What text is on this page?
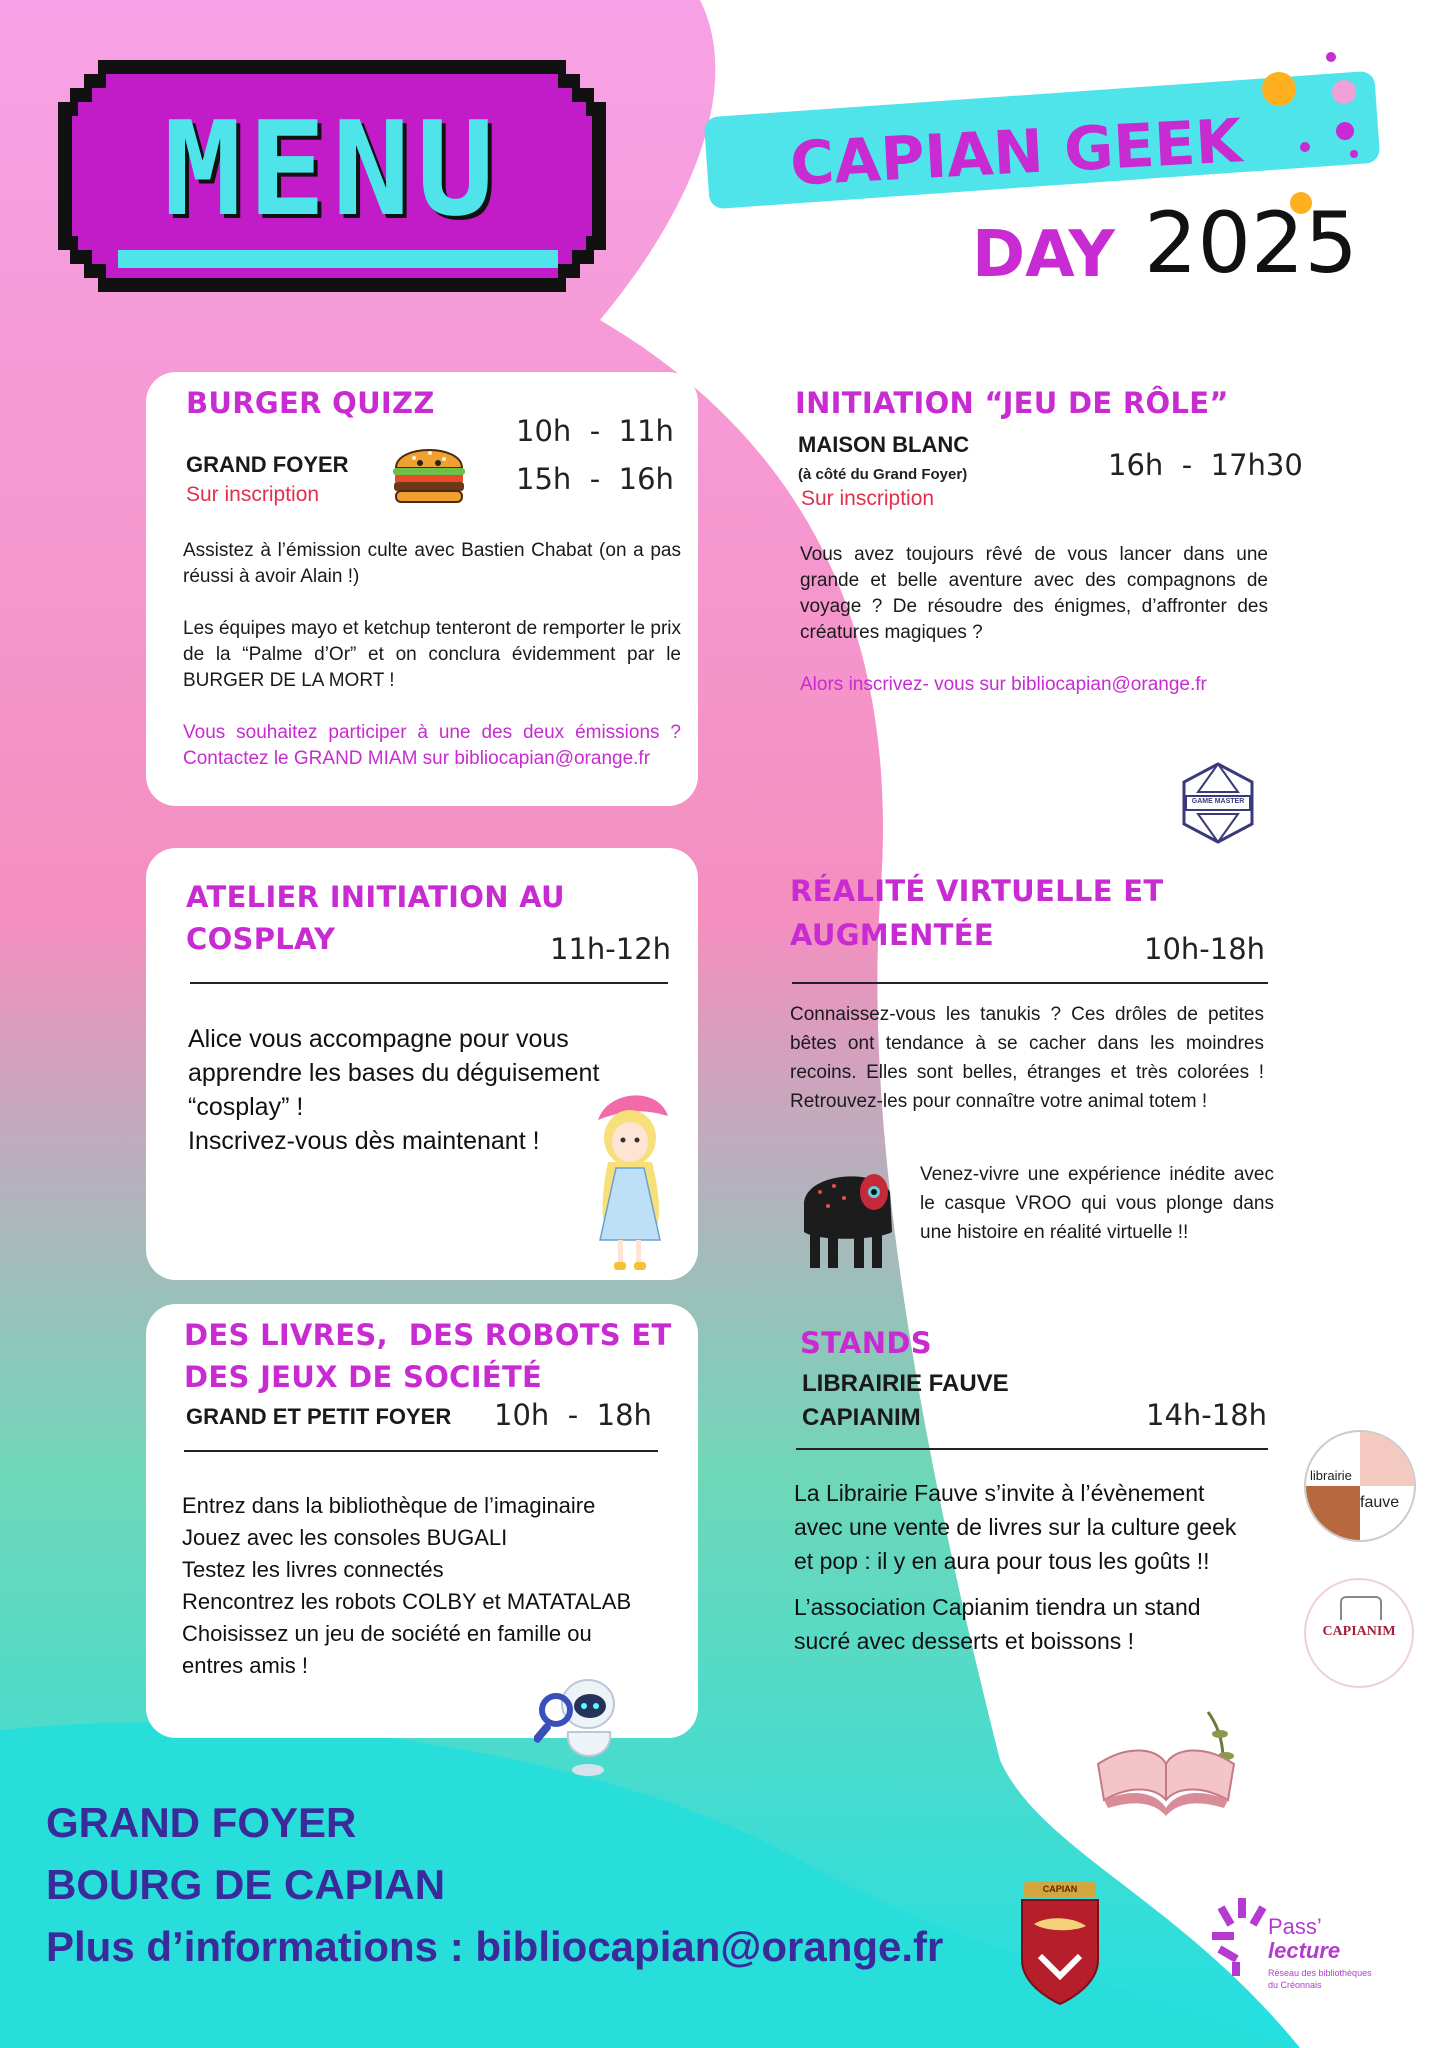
MENU	CAPIAN GEEK
DAY 2025
BURGER QUIZZ
GRAND FOYER
Sur inscription
10h  -  11h
15h  -  16h

Assistez à l’émission culte avec Bastien Chabat (on a pas réussi à avoir Alain !)

Les équipes mayo et ketchup tenteront de remporter le prix de la “Palme d’Or” et on conclura évidemment par le BURGER DE LA MORT !

Vous souhaitez participer à une des deux émissions ? Contactez le GRAND MIAM sur bibliocapian@orange.fr

INITIATION “JEU DE RÔLE”
MAISON BLANC
(à côté du Grand Foyer)
Sur inscription
16h  -  17h30

Vous avez toujours rêvé de vous lancer dans une grande et belle aventure avec des compagnons de voyage ? De résoudre des énigmes, d’affronter des créatures magiques ?

Alors inscrivez- vous sur bibliocapian@orange.fr

GAME MASTER
ATELIER INITIATION AU
COSPLAY	11h-12h
Alice vous accompagne pour vous
apprendre les bases du déguisement
“cosplay” !
Inscrivez-vous dès maintenant !
RÉALITÉ VIRTUELLE ET
AUGMENTÉE	10h-18h
Connaissez-vous les tanukis ? Ces drôles de petites bêtes ont tendance à se cacher dans les moindres recoins. Elles sont belles, étranges et très colorées ! Retrouvez-les pour connaître votre animal totem !
Venez-vivre une expérience inédite avec le casque VROO qui vous plonge dans une histoire en réalité virtuelle !!
DES LIVRES,  DES ROBOTS ET
DES JEUX DE SOCIÉTÉ
GRAND ET PETIT FOYER 10h  -  18h
Entrez dans la bibliothèque de l’imaginaire
Jouez avec les consoles BUGALI
Testez les livres connectés
Rencontrez les robots COLBY et MATATALAB
Choisissez un jeu de société en famille ou
entres amis !
STANDS
LIBRAIRIE FAUVE
CAPIANIM	14h-18h
La Librairie Fauve s’invite à l’évènement avec une vente de livres sur la culture geek et pop : il y en aura pour tous les goûts !!
L’association Capianim tiendra un stand sucré avec desserts et boissons !
librairie
fauve
CAPIANIM
GRAND FOYER
BOURG DE CAPIAN
Plus d’informations : bibliocapian@orange.fr
CAPIAN
Pass’
lecture
Réseau des bibliothèques
du Créonnais
